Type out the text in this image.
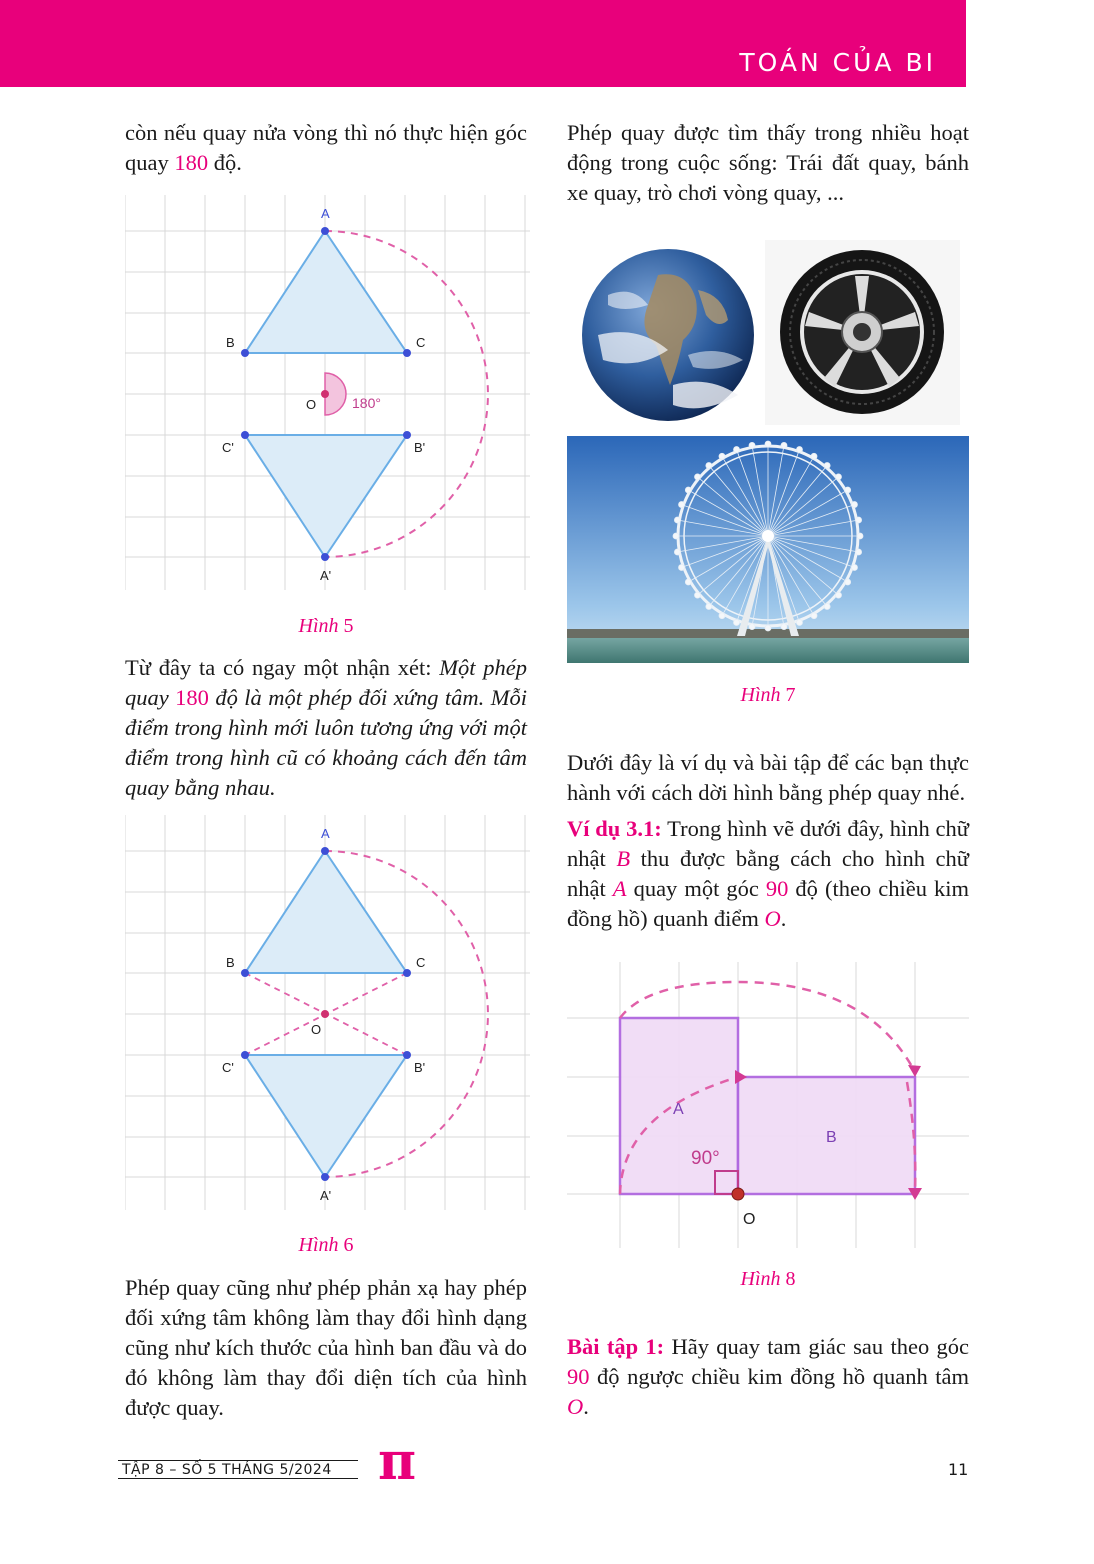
TOÁN CỦA BI

còn nếu quay nửa vòng thì nó thực hiện góc quay 180 độ.

A
B	C
O	180°
C'	B'
A'
Hình 5

Từ đây ta có ngay một nhận xét: Một phép quay 180 độ là một phép đối xứng tâm. Mỗi điểm trong hình mới luôn tương ứng với một điểm trong hình cũ có khoảng cách đến tâm quay bằng nhau.

A
B	C
O
C'	B'
A'
Hình 6

Phép quay cũng như phép phản xạ hay phép đối xứng tâm không làm thay đổi hình dạng cũng như kích thước của hình ban đầu và do đó không làm thay đổi diện tích của hình được quay.

Phép quay được tìm thấy trong nhiều hoạt động trong cuộc sống: Trái đất quay, bánh xe quay, trò chơi vòng quay, ...

Hình 7

Dưới đây là ví dụ và bài tập để các bạn thực hành với cách dời hình bằng phép quay nhé.

Ví dụ 3.1: Trong hình vẽ dưới đây, hình chữ nhật B thu được bằng cách cho hình chữ nhật A quay một góc 90 độ (theo chiều kim đồng hồ) quanh điểm O.

A
B
90°
O
Hình 8

Bài tập 1: Hãy quay tam giác sau theo góc 90 độ ngược chiều kim đồng hồ quanh tâm O.

TẬP 8 – SỐ 5 THÁNG 5/2024 π	11
